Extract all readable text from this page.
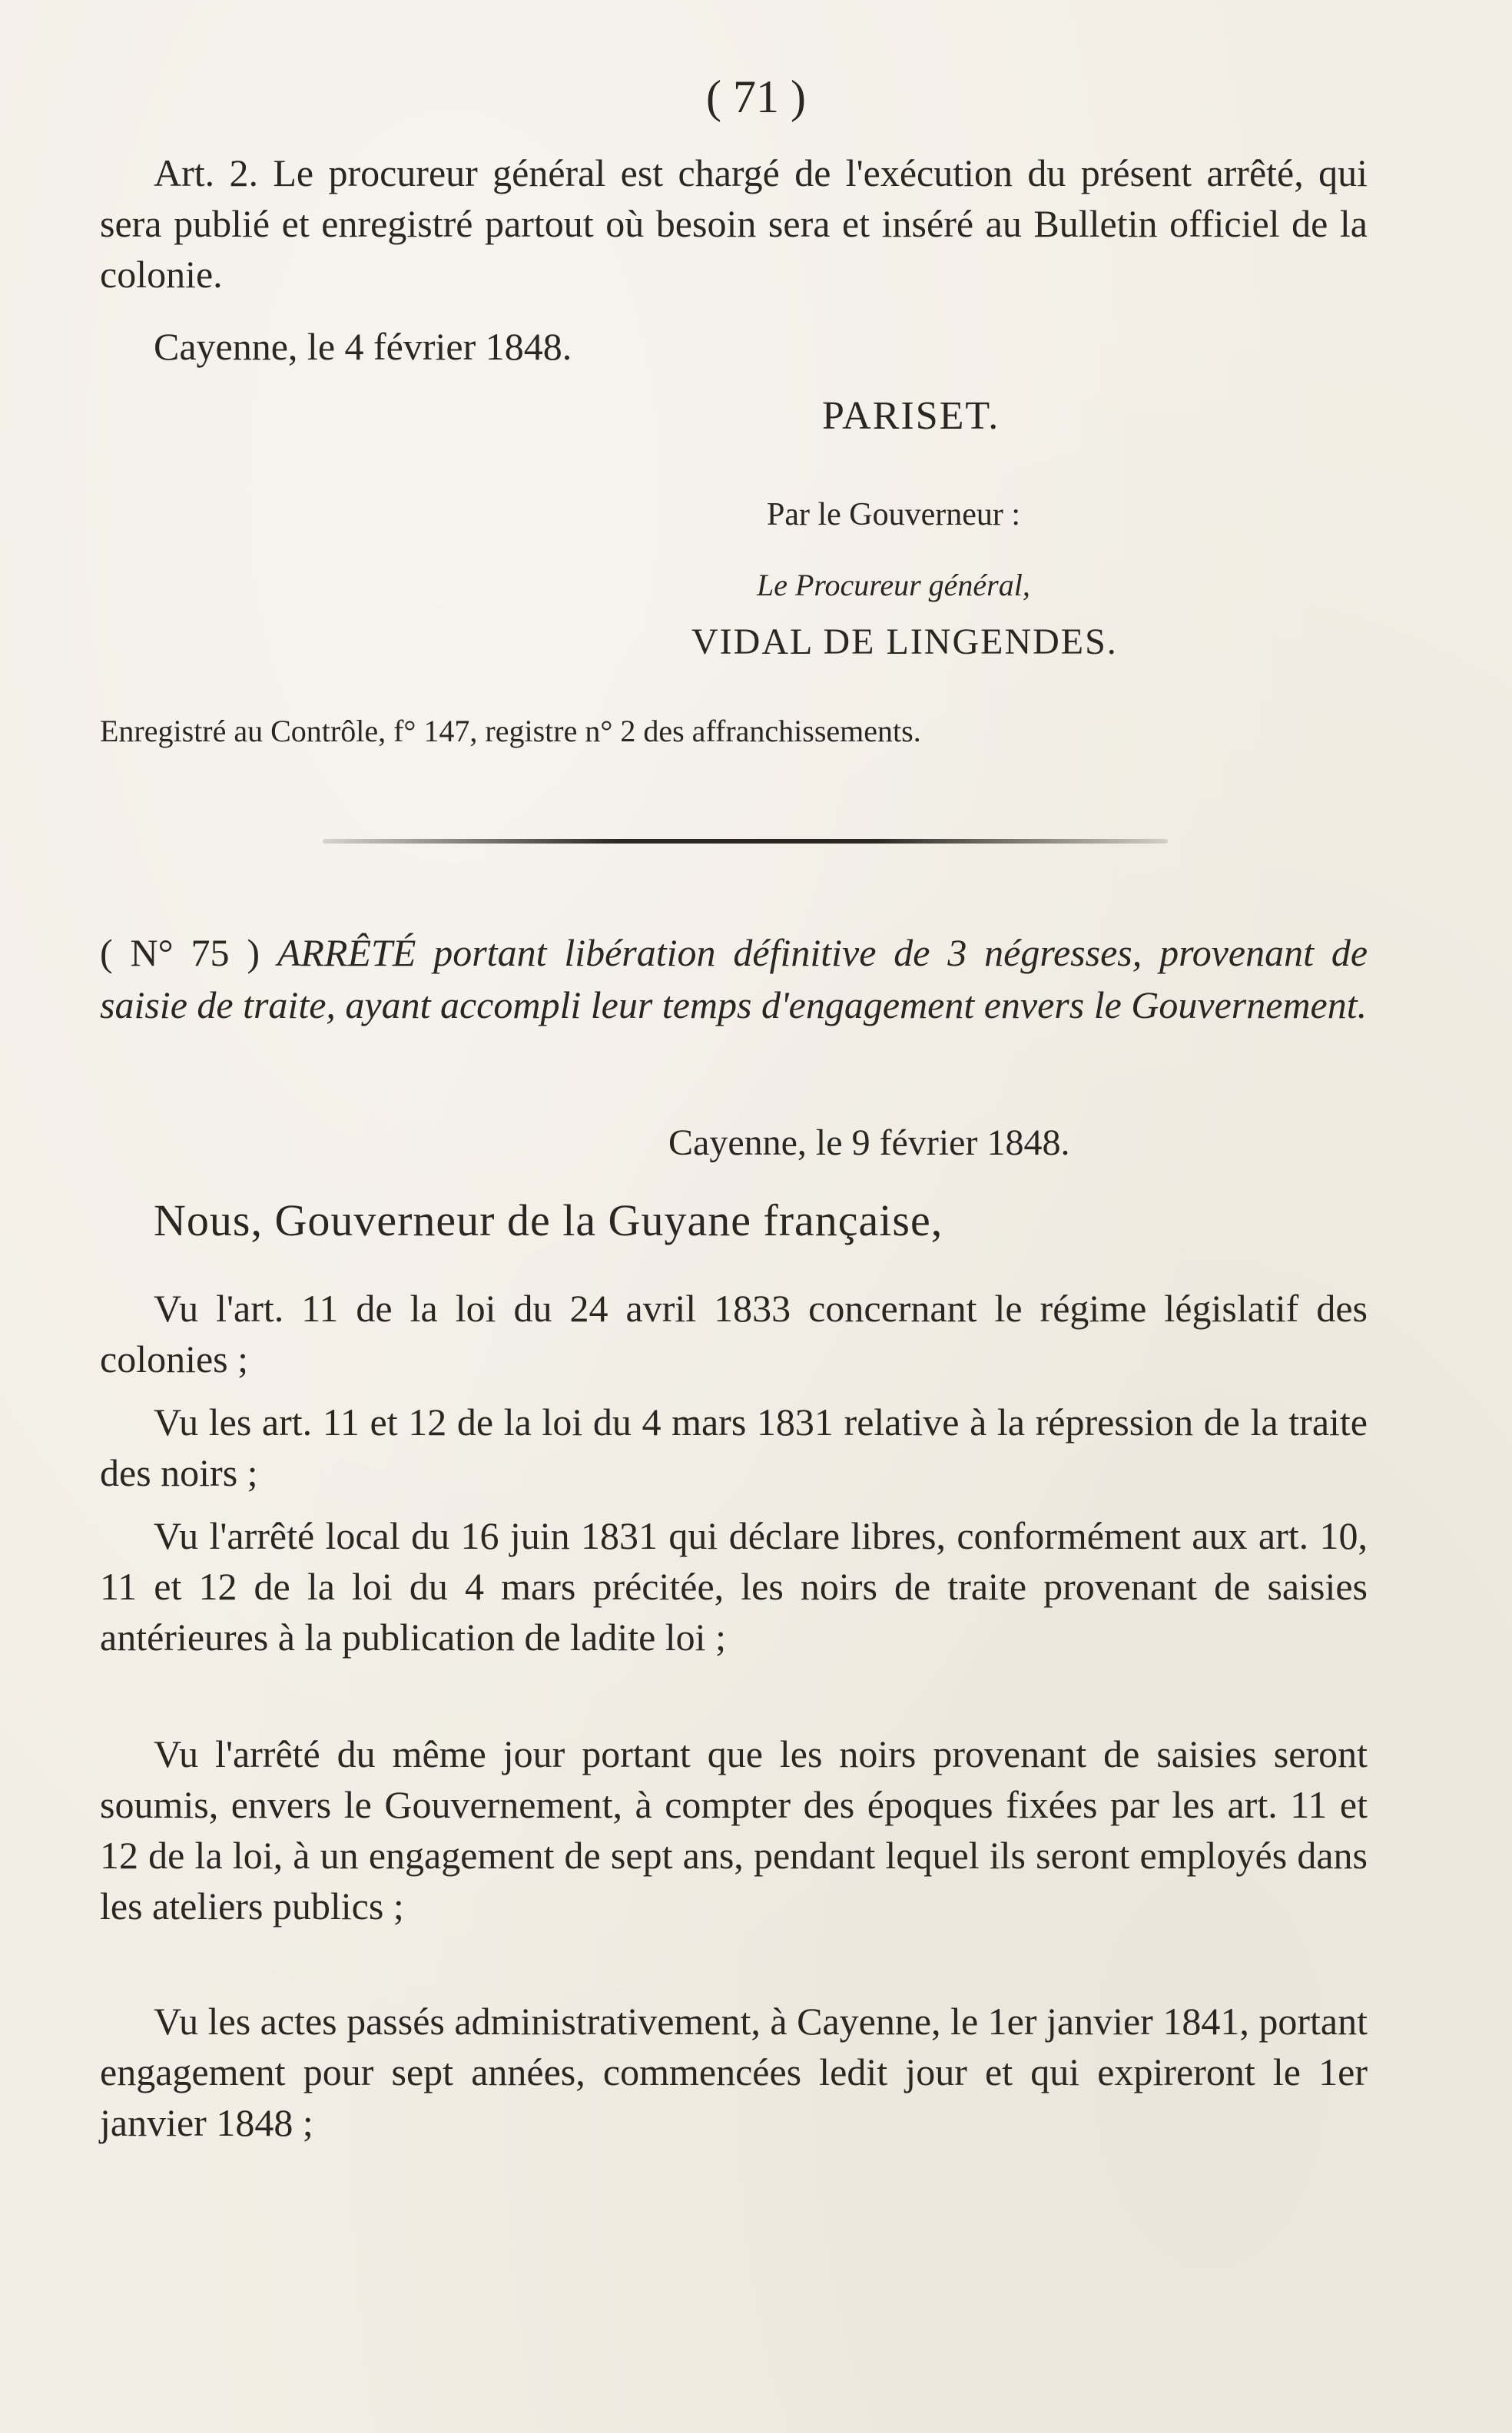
( 71 )

Art. 2. Le procureur général est chargé de l'exécution du présent arrêté, qui sera publié et enregistré partout où besoin sera et inséré au Bulletin officiel de la colonie.

Cayenne, le 4 février 1848.

PARISET.

Par le Gouverneur :

Le Procureur général,

VIDAL DE LINGENDES.

Enregistré au Contrôle, f° 147, registre n° 2 des affranchissements.

( N° 75 ) ARRÊTÉ portant libération définitive de 3 négresses, provenant de saisie de traite, ayant accompli leur temps d'engagement envers le Gouvernement.

Cayenne, le 9 février 1848.

Nous, Gouverneur de la Guyane française,

Vu l'art. 11 de la loi du 24 avril 1833 concernant le régime législatif des colonies ;

Vu les art. 11 et 12 de la loi du 4 mars 1831 relative à la répression de la traite des noirs ;

Vu l'arrêté local du 16 juin 1831 qui déclare libres, conformément aux art. 10, 11 et 12 de la loi du 4 mars précitée, les noirs de traite provenant de saisies antérieures à la publication de ladite loi ;

Vu l'arrêté du même jour portant que les noirs provenant de saisies seront soumis, envers le Gouvernement, à compter des époques fixées par les art. 11 et 12 de la loi, à un engagement de sept ans, pendant lequel ils seront employés dans les ateliers publics ;

Vu les actes passés administrativement, à Cayenne, le 1er janvier 1841, portant engagement pour sept années, commencées ledit jour et qui expireront le 1er janvier 1848 ;
